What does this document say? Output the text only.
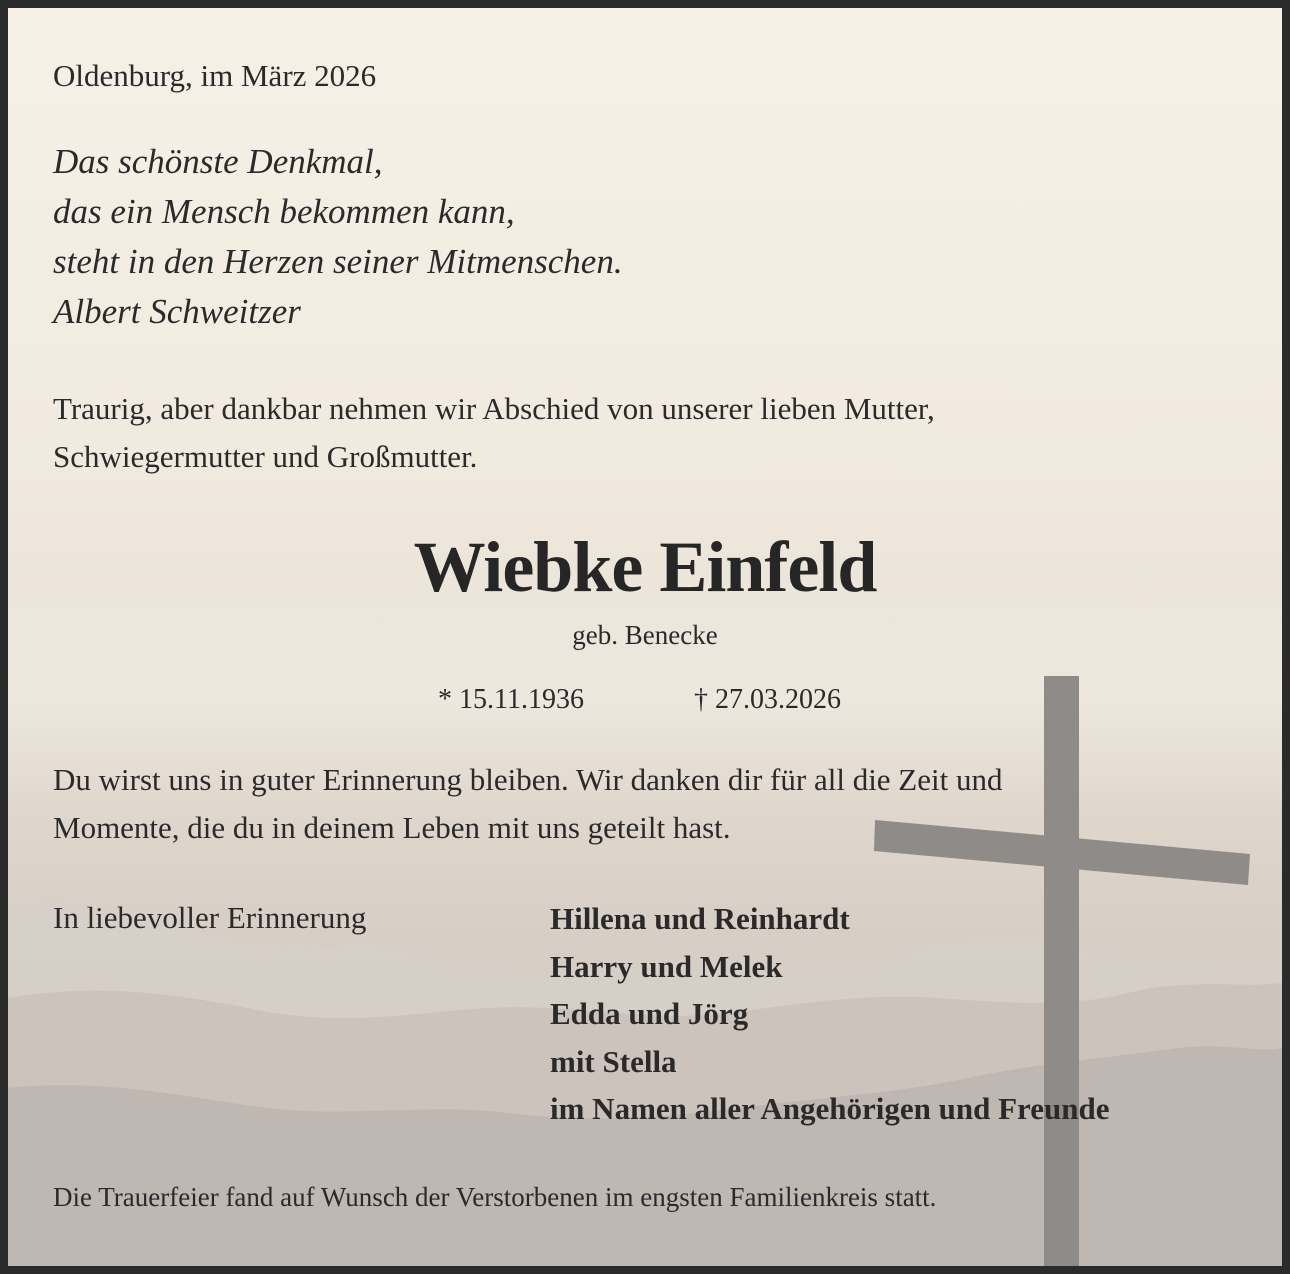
Oldenburg, im März 2026

Das schönste Denkmal,
das ein Mensch bekommen kann,
steht in den Herzen seiner Mitmenschen.
Albert Schweitzer
Traurig, aber dankbar nehmen wir Abschied von unserer lieben Mutter,
Schwiegermutter und Großmutter.
Wiebke Einfeld

geb. Benecke

* 15.11.1936	† 27.03.2026

Du wirst uns in guter Erinnerung bleiben. Wir danken dir für all die Zeit und
Momente, die du in deinem Leben mit uns geteilt hast.

In liebevoller Erinnerung	Hillena und Reinhardt
Harry und Melek
Edda und Jörg
mit Stella
im Namen aller Angehörigen und Freunde

Die Trauerfeier fand auf Wunsch der Verstorbenen im engsten Familienkreis statt.
